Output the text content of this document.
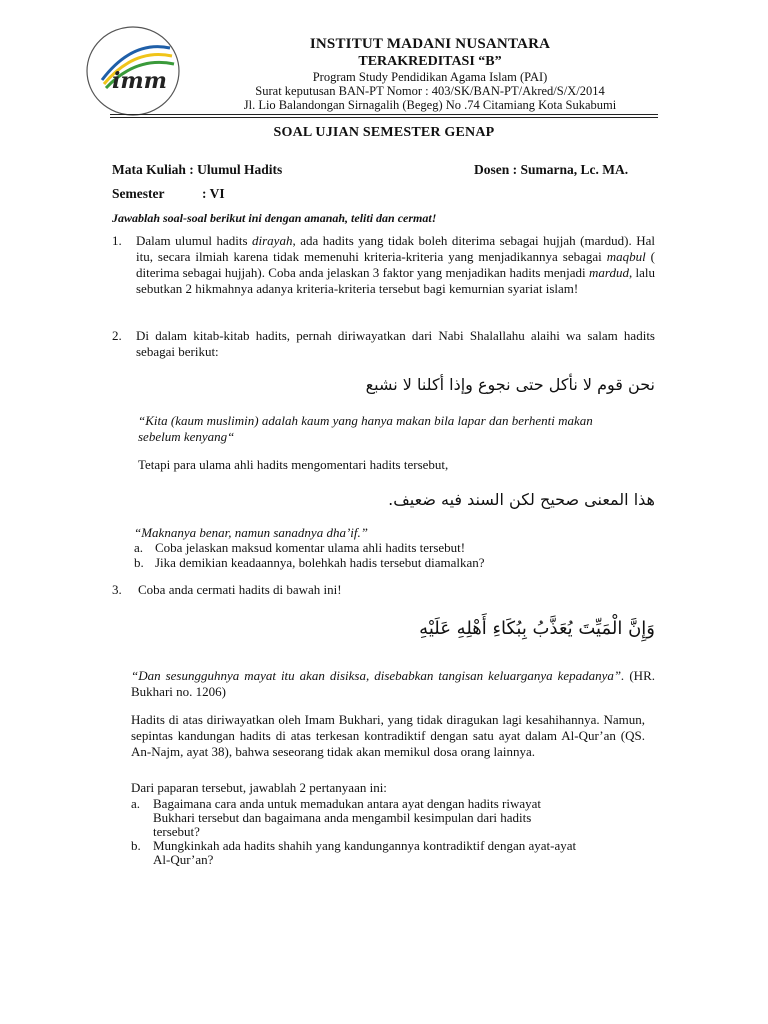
imm
INSTITUT MADANI NUSANTARA
TERAKREDITASI “B”
Program Study Pendidikan Agama Islam (PAI)
Surat keputusan BAN-PT Nomor : 403/SK/BAN-PT/Akred/S/X/2014
Jl. Lio Balandongan Sirnagalih (Begeg) No .74 Citamiang Kota Sukabumi
SOAL UJIAN SEMESTER GENAP
Mata Kuliah : Ulumul Hadits	Dosen : Sumarna, Lc. MA.
Semester	: VI
Jawablah soal-soal berikut ini dengan amanah, teliti dan cermat!
1.	Dalam ulumul hadits dirayah, ada hadits yang tidak boleh diterima sebagai hujjah (mardud). Hal itu, secara ilmiah karena tidak memenuhi kriteria-kriteria yang menjadikannya sebagai maqbul ( diterima sebagai hujjah). Coba anda jelaskan 3 faktor yang menjadikan hadits menjadi mardud, lalu sebutkan 2 hikmahnya adanya kriteria-kriteria tersebut bagi kemurnian syariat islam!
2.	Di dalam kitab-kitab hadits, pernah diriwayatkan dari Nabi Shalallahu alaihi wa salam hadits sebagai berikut:
نحن قوم لا نأكل حتى نجوع وإذا أكلنا لا نشبع
“Kita (kaum muslimin) adalah kaum yang hanya makan bila lapar dan berhenti makan sebelum kenyang“
Tetapi para ulama ahli hadits mengomentari hadits tersebut,
هذا المعنى صحيح لكن السند فيه ضعيف.
“Maknanya benar, namun sanadnya dha’if.”
a. Coba jelaskan maksud komentar ulama ahli hadits tersebut!
b. Jika demikian keadaannya, bolehkah hadis tersebut diamalkan?
3.	Coba anda cermati hadits di bawah ini!
وَإِنَّ الْمَيِّتَ يُعَذَّبُ بِبُكَاءِ أَهْلِهِ عَلَيْهِ
“Dan sesungguhnya mayat itu akan disiksa, disebabkan tangisan keluarganya kepadanya”. (HR. Bukhari no. 1206)
Hadits di atas diriwayatkan oleh Imam Bukhari, yang tidak diragukan lagi kesahihannya. Namun, sepintas kandungan hadits di atas terkesan kontradiktif dengan satu ayat dalam Al-Qur’an (QS. An-Najm, ayat 38), bahwa seseorang tidak akan memikul dosa orang lainnya.
Dari paparan tersebut, jawablah 2 pertanyaan ini:
a. Bagaimana cara anda untuk memadukan antara ayat dengan hadits riwayat
Bukhari tersebut dan bagaimana anda mengambil kesimpulan dari hadits
tersebut?
b. Mungkinkah ada hadits shahih yang kandungannya kontradiktif dengan ayat-ayat
Al-Qur’an?
